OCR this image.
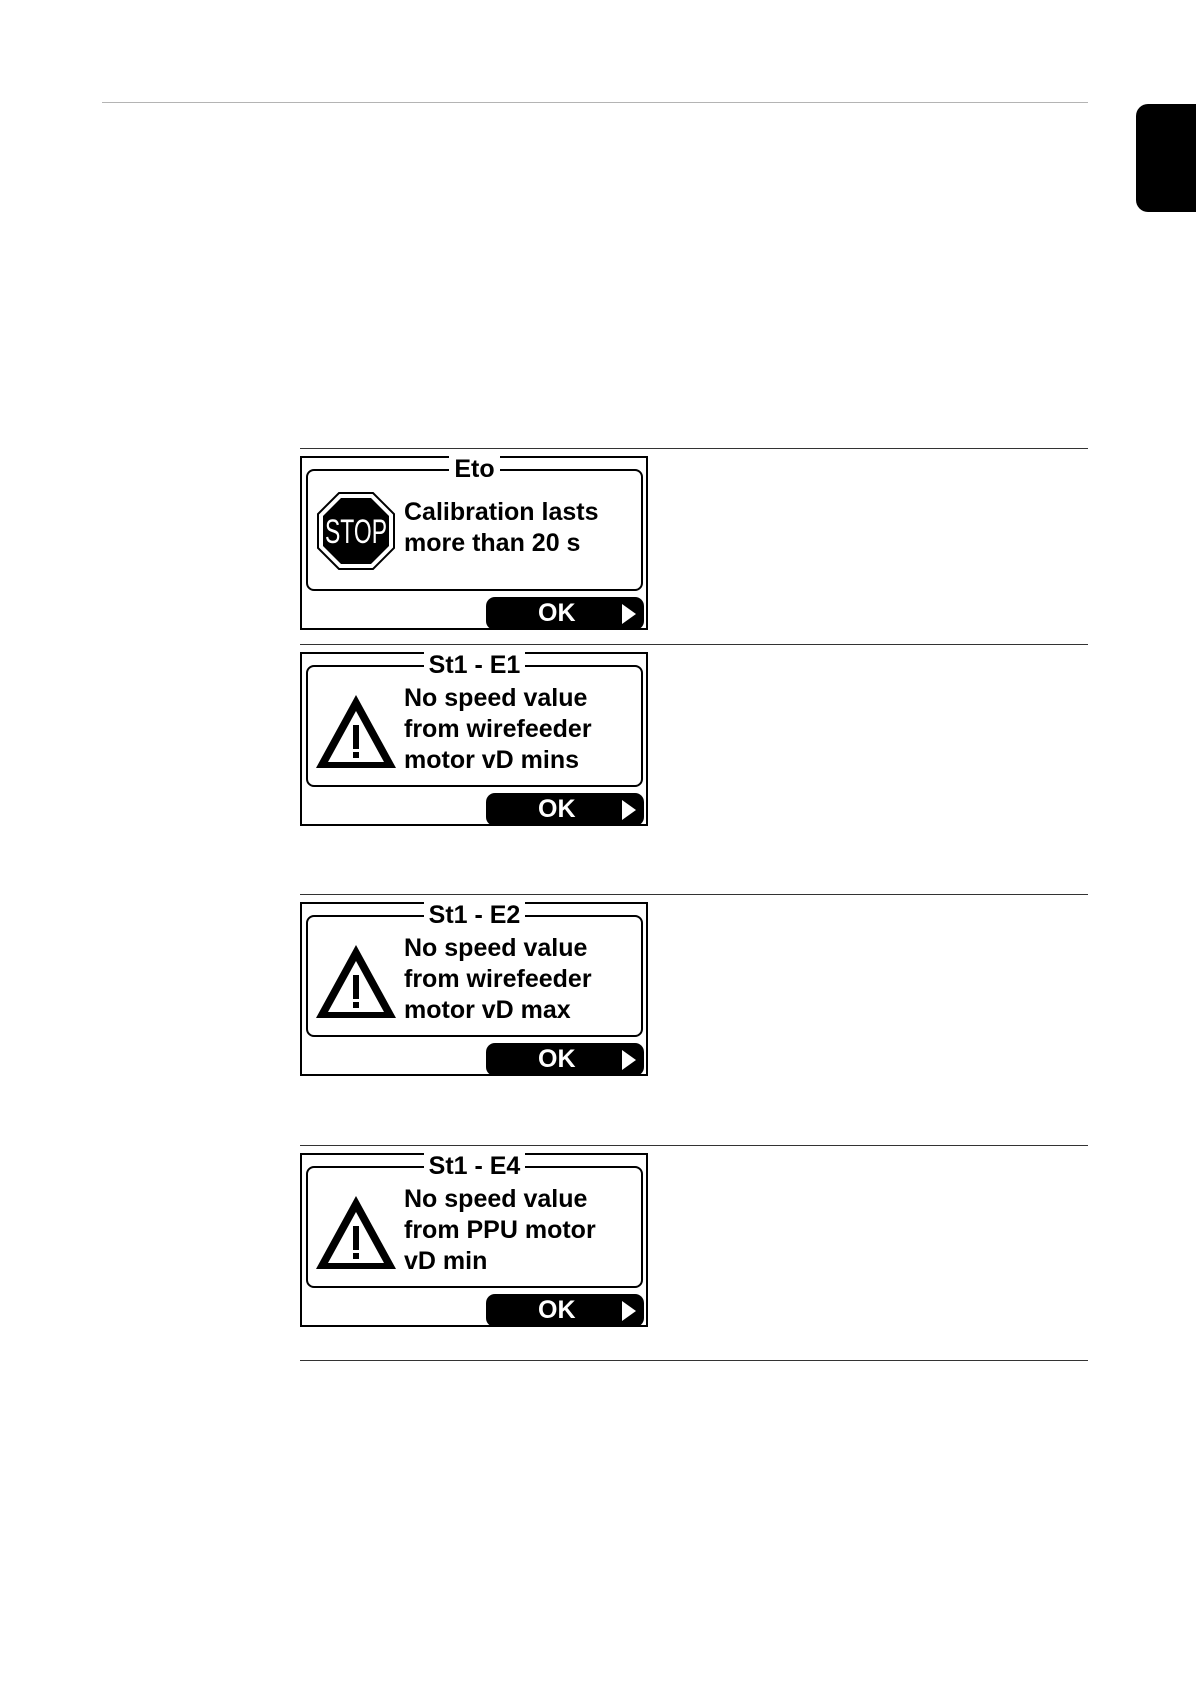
Eto
STOP
Calibration lasts
more than 20 s
OK
St1 - E1
No speed value
from wirefeeder
motor vD mins
OK
St1 - E2
No speed value
from wirefeeder
motor vD max
OK
St1 - E4
No speed value
from PPU motor
vD min
OK
